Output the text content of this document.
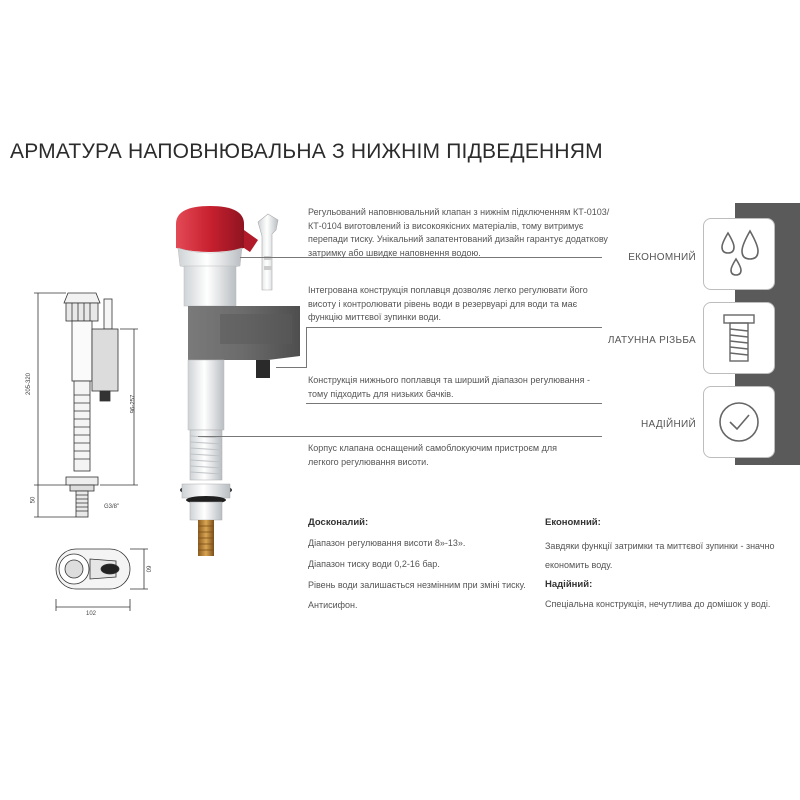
АРМАТУРА НАПОВНЮВАЛЬНА З НИЖНІМ ПІДВЕДЕННЯМ
205-320
96-257
50
G3/8"
60
102
Регульований наповнювальний клапан з нижнім підключенням КТ-0103/ КТ-0104 виготовлений із високоякісних матеріалів, тому витримує перепади тиску. Унікальний запатентований дизайн гарантує додаткову затримку або швидке наповнення водою.
Інтегрована конструкція поплавця дозволяє легко регулювати його висоту і контролювати рівень води в резервуарі для води та має функцію миттєвої зупинки води.
Конструкція нижнього поплавця та ширший діапазон регулювання - тому підходить для низьких бачків.
Корпус клапана оснащений самоблокуючим пристроєм для легкого регулювання висоти.
ЕКОНОМНИЙ
ЛАТУННА РІЗЬБА
НАДІЙНИЙ
Досконалий:
Діапазон регулювання висоти 8»-13».
Діапазон тиску води 0,2-16 бар.
Рівень води залишається незмінним при зміні тиску.
Антисифон.
Економний:
Завдяки функції затримки та миттєвої зупинки - значно економить воду.
Надійний:
Спеціальна конструкція, нечутлива до домішок у воді.
